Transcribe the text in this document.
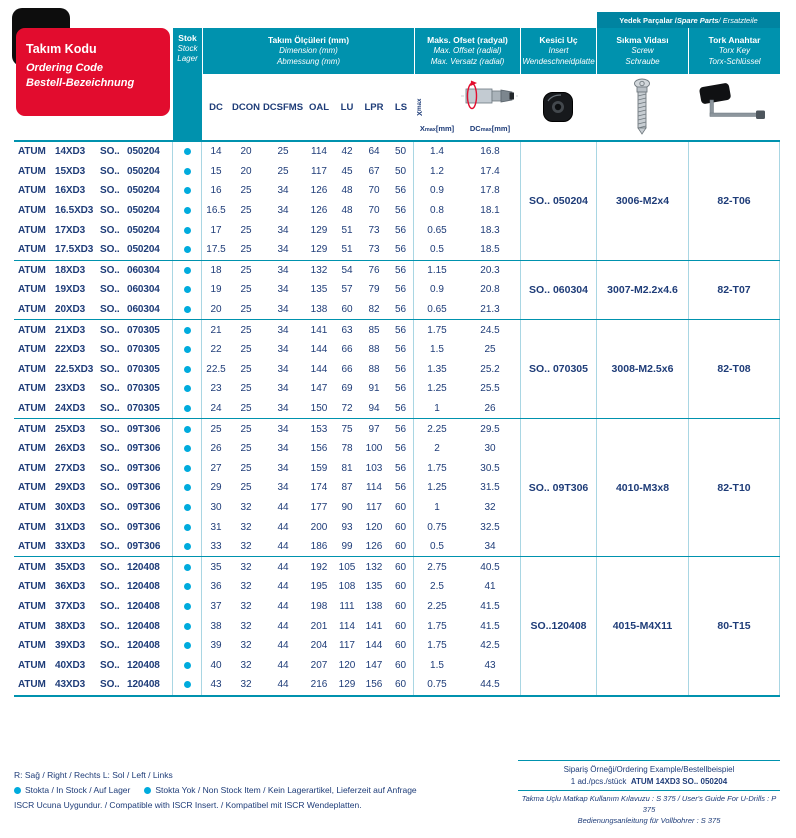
Takım Kodu
Ordering Code
Bestell-Bezeichnung
Stok
Stock
Lager
Takım Ölçüleri (mm)
Dimension (mm)
Abmessung (mm)
DC DCON DCSFMS OAL	LU	LPR	LS
Maks. Ofset (radyal)
Max. Offset (radial)
Max. Versatz (radial)
X
max
$X_{max}$ [mm] $DC_{max}$ [mm]
Kesici Uç
Insert
Wendeschneidplatte
Yedek Parçalar / Spare Parts / Ersatzteile
Sıkma Vidası
Screw
Schraube
Tork Anahtar
Torx Key
Torx-Schlüssel
ATUM 14XD3	SO.. 050204	14	20	25	114	42	64	50	1.4	16.8
ATUM 15XD3	SO.. 050204	15	20	25	117	45	67	50	1.2	17.4
ATUM 16XD3	SO.. 050204	16	25	34	126	48	70	56	0.9	17.8
ATUM 16.5XD3 SO.. 050204	16.5	25	34	126	48	70	56	0.8	18.1
ATUM 17XD3	SO.. 050204	17	25	34	129	51	73	56	0.65	18.3
ATUM 17.5XD3 SO.. 050204	17.5	25	34	129	51	73	56	0.5	18.5
SO.. 050204	3006-M2x4	82-T06
ATUM 18XD3	SO.. 060304	18	25	34	132	54	76	56	1.15	20.3
ATUM 19XD3	SO.. 060304	19	25	34	135	57	79	56	0.9	20.8
ATUM 20XD3	SO.. 060304	20	25	34	138	60	82	56	0.65	21.3
SO.. 060304	3007-M2.2x4.6	82-T07
ATUM 21XD3	SO.. 070305	21	25	34	141	63	85	56	1.75	24.5
ATUM 22XD3	SO.. 070305	22	25	34	144	66	88	56	1.5	25
ATUM 22.5XD3 SO.. 070305	22.5	25	34	144	66	88	56	1.35	25.2
ATUM 23XD3	SO.. 070305	23	25	34	147	69	91	56	1.25	25.5
ATUM 24XD3	SO.. 070305	24	25	34	150	72	94	56	1	26
SO.. 070305	3008-M2.5x6	82-T08
ATUM 25XD3	SO.. 09T306	25	25	34	153	75	97	56	2.25	29.5
ATUM 26XD3	SO.. 09T306	26	25	34	156	78	100	56	2	30
ATUM 27XD3	SO.. 09T306	27	25	34	159	81	103	56	1.75	30.5
ATUM 29XD3	SO.. 09T306	29	25	34	174	87	114	56	1.25	31.5
ATUM 30XD3	SO.. 09T306	30	32	44	177	90	117	60	1	32
ATUM 31XD3	SO.. 09T306	31	32	44	200	93	120	60	0.75	32.5
ATUM 33XD3	SO.. 09T306	33	32	44	186	99	126	60	0.5	34
SO.. 09T306	4010-M3x8	82-T10
ATUM 35XD3	SO.. 120408	35	32	44	192	105	132	60	2.75	40.5
ATUM 36XD3	SO.. 120408	36	32	44	195	108	135	60	2.5	41
ATUM 37XD3	SO.. 120408	37	32	44	198	111	138	60	2.25	41.5
ATUM 38XD3	SO.. 120408	38	32	44	201	114	141	60	1.75	41.5
ATUM 39XD3	SO.. 120408	39	32	44	204	117	144	60	1.75	42.5
ATUM 40XD3	SO.. 120408	40	32	44	207	120	147	60	1.5	43
ATUM 43XD3	SO.. 120408	43	32	44	216	129	156	60	0.75	44.5
SO..120408	4015-M4X11	80-T15
R: Sağ / Right / Rechts L: Sol / Left / Links
Stokta / In Stock / Auf Lager	Stokta Yok / Non Stock Item / Kein Lagerartikel, Lieferzeit auf Anfrage
ISCR Ucuna Uygundur. / Compatible with ISCR Insert. / Kompatibel mit ISCR Wendeplatten.
Sipariş Örneği/Ordering Example/Bestellbeispiel
1 ad./pcs./stück ATUM 14XD3 SO.. 050204
Takma Uçlu Matkap Kullanım Kılavuzu : S 375 / User's Guide For U-Drills : P 375
Bedienungsanleitung für Vollbohrer : S 375
